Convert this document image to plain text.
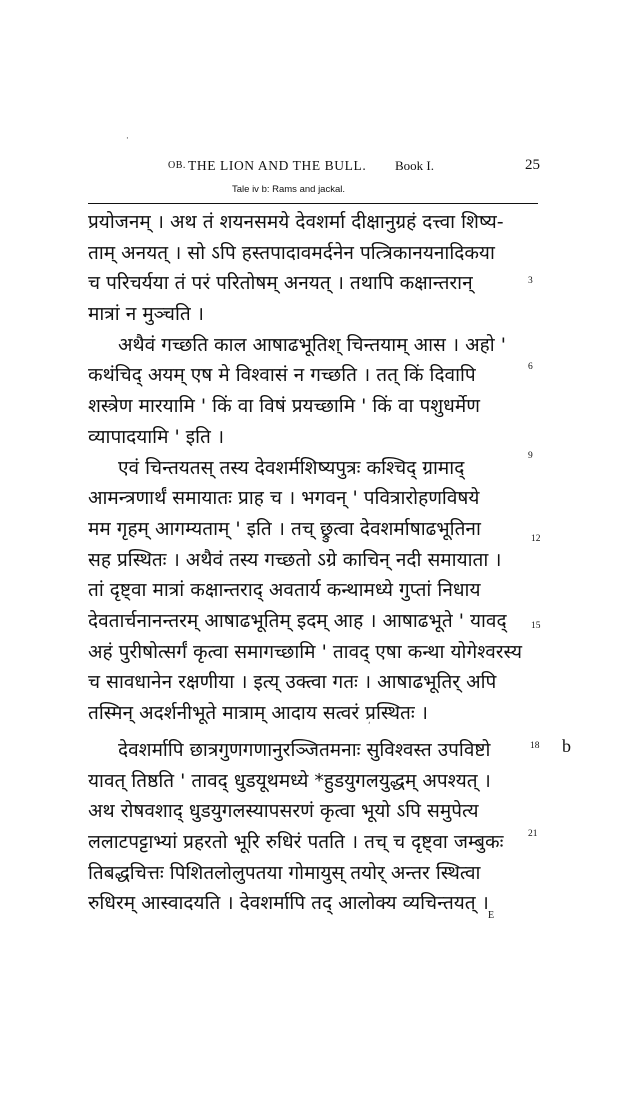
OB. THE LION AND THE BULL. Book I.	25
Tale iv b: Rams and jackal.
प्रयोजनम् । अथ तं शयनसमये देवशर्मा दीक्षानुग्रहं दत्त्वा शिष्य-
ताम् अनयत् । सो ऽपि हस्तपादावमर्दनेन पत्त्रिकानयनादिकया
च परिचर्यया तं परं परितोषम् अनयत् । तथापि कक्षान्तरान्
मात्रां न मुञ्चति ।
अथैवं गच्छति काल आषाढभूतिश् चिन्तयाम् आस । अहो '
कथंचिद् अयम् एष मे विश्वासं न गच्छति । तत् किं दिवापि
शस्त्रेण मारयामि ' किं वा विषं प्रयच्छामि ' किं वा पशुधर्मेण
व्यापादयामि ' इति ।
एवं चिन्तयतस् तस्य देवशर्मशिष्यपुत्रः कश्चिद् ग्रामाद्
आमन्त्रणार्थं समायातः प्राह च । भगवन् ' पवित्रारोहणविषये
मम गृहम् आगम्यताम् ' इति । तच् छ्रुत्वा देवशर्माषाढभूतिना
सह प्रस्थितः । अथैवं तस्य गच्छतो ऽग्रे काचिन् नदी समायाता ।
तां दृष्ट्वा मात्रां कक्षान्तराद् अवतार्य कन्थामध्ये गुप्तां निधाय
देवतार्चनानन्तरम् आषाढभूतिम् इदम् आह । आषाढभूते ' यावद्
अहं पुरीषोत्सर्गं कृत्वा समागच्छामि ' तावद् एषा कन्था योगेश्वरस्य
च सावधानेन रक्षणीया । इत्य् उक्त्वा गतः । आषाढभूतिर् अपि
तस्मिन् अदर्शनीभूते मात्राम् आदाय सत्वरं प्रस्थितः ।
3
6
9
12
15
·
ʹ
देवशर्मापि छात्रगुणगणानुरञ्जितमनाः सुविश्वस्त उपविष्टो
यावत् तिष्ठति ' तावद् धुडयूथमध्ये *हुडयुगलयुद्धम् अपश्यत् ।
अथ रोषवशाद् धुडयुगलस्यापसरणं कृत्वा भूयो ऽपि समुपेत्य
ललाटपट्टाभ्यां प्रहरतो भूरि रुधिरं पतति । तच् च दृष्ट्वा जम्बुकः
तिबद्धचित्तः पिशितलोलुपतया गोमायुस् तयोर् अन्तर स्थित्वा
रुधिरम् आस्वादयति । देवशर्मापि तद् आलोक्य व्यचिन्तयत् ।
18
21
b
E
